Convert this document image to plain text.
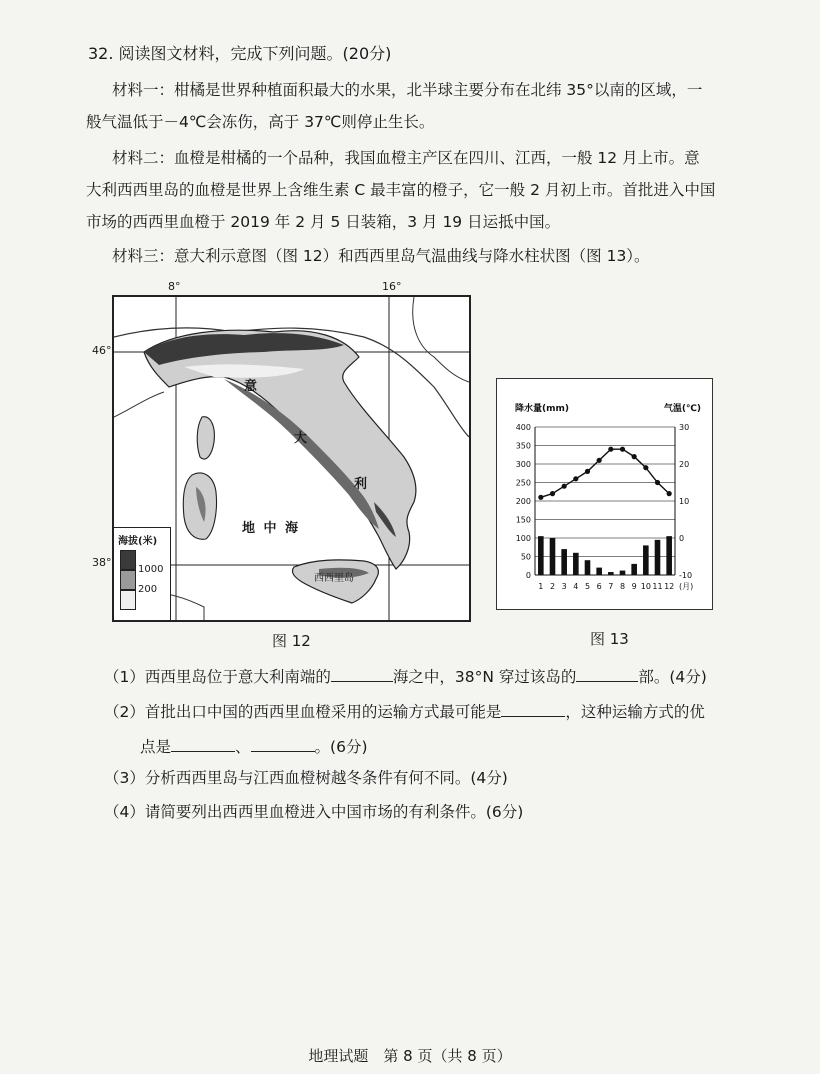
32. 阅读图文材料，完成下列问题。(20分)
材料一：柑橘是世界种植面积最大的水果，北半球主要分布在北纬 35°以南的区域，一
般气温低于－4℃会冻伤，高于 37℃则停止生长。
材料二：血橙是柑橘的一个品种，我国血橙主产区在四川、江西，一般 12 月上市。意
大利西西里岛的血橙是世界上含维生素 C 最丰富的橙子，它一般 2 月初上市。首批进入中国
市场的西西里血橙于 2019 年 2 月 5 日装箱，3 月 19 日运抵中国。
材料三：意大利示意图（图 12）和西西里岛气温曲线与降水柱状图（图 13）。
8°	16°
46°
38°
意
大
利
地 中 海
西西里岛
海拔(米)
1000
200
降水量(mm)	气温(℃)
0
50
100
150
200
250
300
350
400
-10
0
10
20
30
1 2 3 4 5 6 7 8 9 10 11 12 (月)
图 12	图 13
（1）西西里岛位于意大利南端的	海之中，38°N 穿过该岛的	部。(4分)
（2）首批出口中国的西西里血橙采用的运输方式最可能是	，这种运输方式的优
点是	、	。(6分)
（3）分析西西里岛与江西血橙树越冬条件有何不同。(4分)
（4）请简要列出西西里血橙进入中国市场的有利条件。(6分)
地理试题　第 8 页（共 8 页）
